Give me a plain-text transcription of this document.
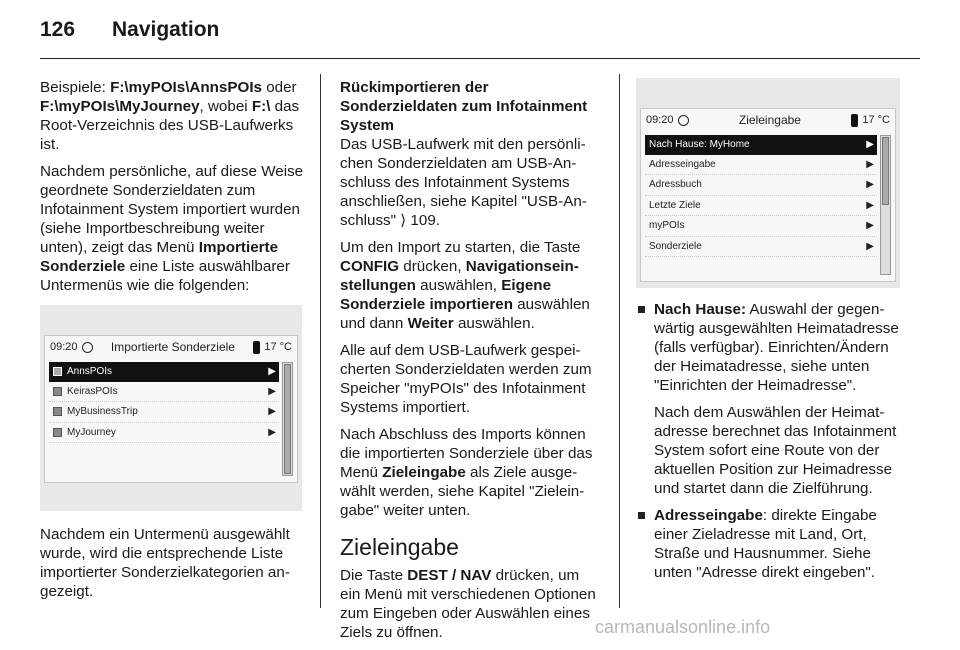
126 Navigation

Beispiele: F:\myPOIs\AnnsPOIs oder F:\myPOIs\MyJourney, wobei F:\ das Root-Verzeichnis des USB-Laufwerks ist.

Nachdem persönliche, auf diese Weise geordnete Sonderzieldaten zum Infotainment System importiert wurden (siehe Importbeschreibung weiter unten), zeigt das Menü Importierte Sonderziele eine Liste auswählbarer Untermenüs wie die folgenden:

09:20	Importierte Sonderziele	17 °C
AnnsPOIs	▶
KeirasPOIs	▶
MyBusinessTrip	▶
MyJourney	▶

Nachdem ein Untermenü ausgewählt wurde, wird die entsprechende Liste importierter Sonderzielkategorien angezeigt.

Rückimportieren der Sonderzieldaten zum Infotainment System

Das USB-Laufwerk mit den persönlichen Sonderzieldaten am USB-Anschluss des Infotainment Systems anschließen, siehe Kapitel "USB-Anschluss" ⟩ 109.

Um den Import zu starten, die Taste CONFIG drücken, Navigationseinstellungen auswählen, Eigene Sonderziele importieren auswählen und dann Weiter auswählen.

Alle auf dem USB-Laufwerk gespeicherten Sonderzieldaten werden zum Speicher "myPOIs" des Infotainment Systems importiert.

Nach Abschluss des Imports können die importierten Sonderziele über das Menü Zieleingabe als Ziele ausgewählt werden, siehe Kapitel "Zieleingabe" weiter unten.

Zieleingabe

Die Taste DEST / NAV drücken, um ein Menü mit verschiedenen Optionen zum Eingeben oder Auswählen eines Ziels zu öffnen.

09:20	Zieleingabe	17 °C
Nach Hause: MyHome	▶
Adresseingabe	▶
Adressbuch	▶
Letzte Ziele	▶
myPOIs	▶
Sonderziele	▶

Nach Hause: Auswahl der gegenwärtig ausgewählten Heimatadresse (falls verfügbar). Einrichten/Ändern der Heimatadresse, siehe unten "Einrichten der Heimadresse".

Nach dem Auswählen der Heimatadresse berechnet das Infotainment System sofort eine Route von der aktuellen Position zur Heimadresse und startet dann die Zielführung.

Adresseingabe: direkte Eingabe einer Zieladresse mit Land, Ort, Straße und Hausnummer. Siehe unten "Adresse direkt eingeben".

carmanualsonline.info
